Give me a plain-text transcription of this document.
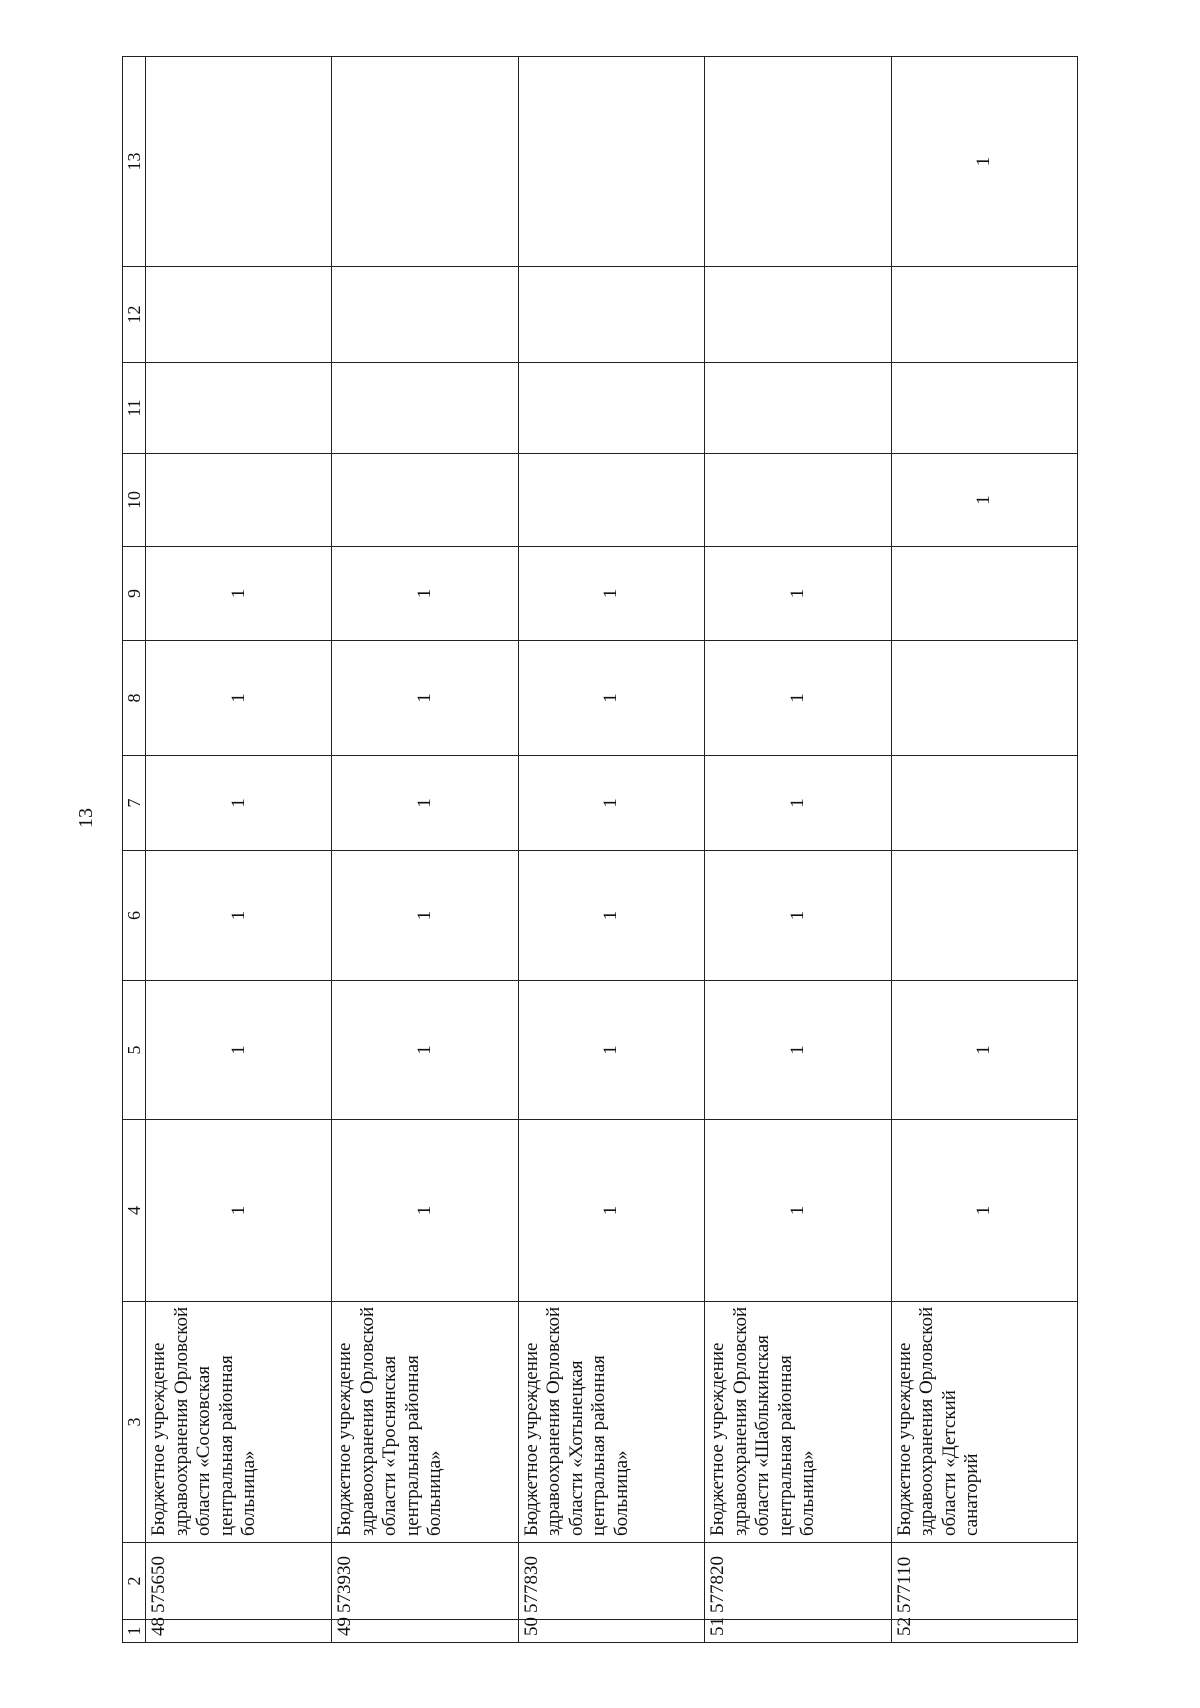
13
1	2	3	4	5	6	7	8	9	10	11	12	13
48	575650	Бюджетное учреждение здравоохранения Орловской области «Сосковская центральная районная больница»	1	1	1	1	1	1				
49	573930	Бюджетное учреждение здравоохранения Орловской области «Троснянская центральная районная больница»	1	1	1	1	1	1				
50	577830	Бюджетное учреждение здравоохранения Орловской области «Хотынецкая центральная районная больница»	1	1	1	1	1	1				
51	577820	Бюджетное учреждение здравоохранения Орловской области «Шаблыкинская центральная районная больница»	1	1	1	1	1	1				
52	577110	Бюджетное учреждение здравоохранения Орловской области «Детский санаторий	1	1					1			1
